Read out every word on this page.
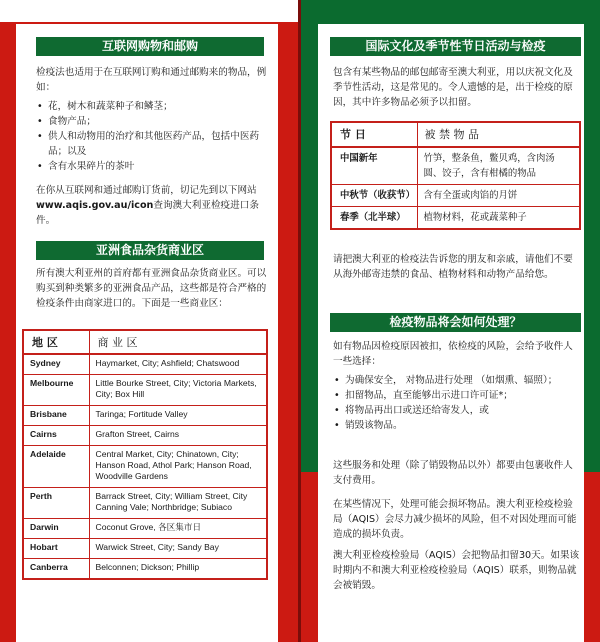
互联网购物和邮购

检疫法也适用于在互联网订购和通过邮购来的物品，例如：

• 花，树木和蔬菜种子和鳞茎；
• 食物产品；
• 供人和动物用的治疗和其他医药产品，包括中医药品；以及
• 含有水果碎片的茶叶

在你从互联网和通过邮购订货前，切记先到以下网站www.aqis.gov.au/icon查询澳大利亚检疫进口条件。

亚洲食品杂货商业区

所有澳大利亚州的首府都有亚洲食品杂货商业区。可以购买到种类繁多的亚洲食品产品，这些都是符合严格的检疫条件由商家进口的。下面是一些商业区：

地 区	商 业 区
Sydney	Haymarket, City; Ashfield; Chatswood
Melbourne	Little Bourke Street, City; Victoria Markets, City; Box Hill
Brisbane	Taringa; Fortitude Valley
Cairns	Grafton Street, Cairns
Adelaide	Central Market, City; Chinatown, City; Hanson Road, Athol Park; Hanson Road, Woodville Gardens
Perth	Barrack Street, City; William Street, City Canning Vale; Northbridge; Subiaco
Darwin	Coconut Grove, 各区集市日
Hobart	Warwick Street, City; Sandy Bay
Canberra	Belconnen; Dickson; Phillip
国际文化及季节性节日活动与检疫

包含有某些物品的邮包邮寄至澳大利亚，用以庆祝文化及季节性活动，这是常见的。令人遗憾的是，出于检疫的原因，其中许多物品必须予以扣留。

节 日	被 禁 物 品
中国新年	竹笋，整条鱼，鳖贝鸡，含肉汤圆、饺子，含有柑橘的物品
中秋节（收获节）	含有全蛋或肉馅的月饼
春季（北半球）	植物材料，花或蔬菜种子

请把澳大利亚的检疫法告诉您的朋友和亲戚，请他们不要从海外邮寄违禁的食品、植物材料和动物产品给您。

检疫物品将会如何处理？

如有物品因检疫原因被扣，依检疫的风险，会给予收件人一些选择：

• 为确保安全， 对物品进行处理 （如烟熏、辐照）；
• 扣留物品，直至能够出示进口许可证*；
• 将物品再出口或送还给寄发人，或
• 销毁该物品。

这些服务和处理（除了销毁物品以外）都要由包裹收件人支付费用。

在某些情况下，处理可能会损坏物品。澳大利亚检疫检验局（AQIS）会尽力减少损坏的风险，但不对因处理而可能造成的损坏负责。

澳大利亚检疫检验局（AQIS）会把物品扣留30天。如果该时期内不和澳大利亚检疫检验局（AQIS）联系，则物品就会被销毁。
